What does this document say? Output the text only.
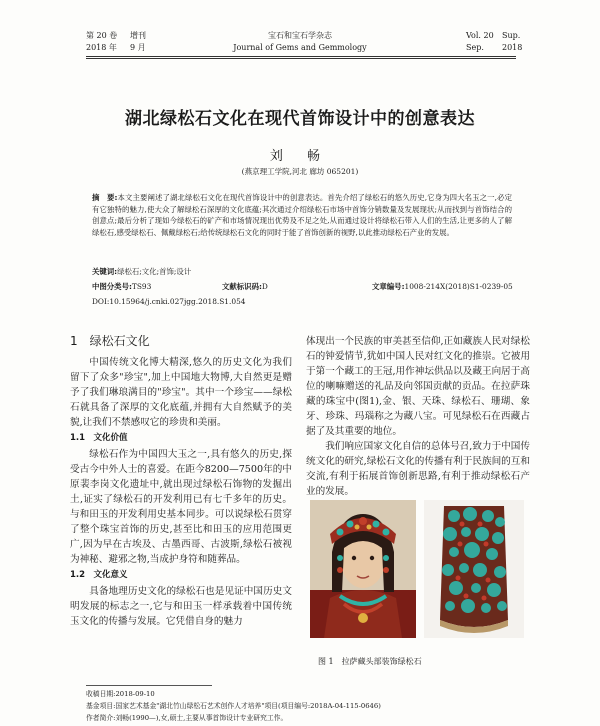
第 20 卷 增刊
2018 年 9 月
宝石和宝石学杂志
Journal of Gems and Gemmology
Vol. 20 Sup.
Sep. 2018
湖北绿松石文化在现代首饰设计中的创意表达
刘 畅
(燕京理工学院,河北 廊坊 065201)
摘　要:本文主要阐述了湖北绿松石文化在现代首饰设计中的创意表达。首先介绍了绿松石的悠久历史,它身为四大名玉之一,必定有它独特的魅力,使大众了解绿松石深厚的文化底蕴;其次通过介绍绿松石市场中首饰分销数量及发展现状;从而找到与首饰结合的创意点;最后分析了现如今绿松石的矿产和市场情况现出优势及不足之处,从而通过设计将绿松石带入人们的生活,让更多的人了解绿松石,感受绿松石、佩戴绿松石;给传统绿松石文化的同时于能了首饰创新的视野,以此推动绿松石产业的发展。
关键词:绿松石;文化;首饰;设计
中图分类号:TS93	文献标识码:D	文章编号:1008-214X(2018)S1-0239-05
DOI:10.15964/j.cnki.027jgg.2018.S1.054
1　 绿松石文化

中国传统文化博大精深,悠久的历史文化为我们留下了众多"珍宝",加上中国地大物博,大自然更是赠予了我们琳琅满目的"珍宝"。其中一个珍宝——绿松石就具备了深厚的文化底蕴,并拥有大自然赋予的美貌,让我们不禁感叹它的珍贵和美丽。

1.1　文化价值

绿松石作为中国四大玉之一,具有悠久的历史,探受古今中外人士的喜爱。在距今8200—7500年的中原裴李岗文化遗址中,就出现过绿松石饰物的发掘出土,证实了绿松石的开发利用已有七千多年的历史。与和田玉的开发利用史基本同步。可以说绿松石贯穿了整个珠宝首饰的历史,甚至比和田玉的应用范围更广,因为早在古埃及、古墨西哥、古波斯,绿松石被视为神秘、避邪之物,当成护身符和随葬品。

1.2　文化意义

具备地理历史文化的绿松石也是见证中国历史文明发展的标志之一,它与和田玉一样承载着中国传统玉文化的传播与发展。它凭借自身的魅力

体现出一个民族的审美甚至信仰,正如藏族人民对绿松石的钟爱情节,犹如中国人民对红文化的推崇。它被用于第一个藏工的王冠,用作神坛供品以及藏王向居于高位的喇嘛赠送的礼品及向邻国贡献的贡品。在拉萨珠藏的珠宝中(图1),金、银、天珠、绿松石、珊瑚、象牙、珍珠、玛瑙称之为藏八宝。可见绿松石在西藏占据了及其重要的地位。

我们响应国家文化自信的总体号召,致力于中国传统文化的研究,绿松石文化的传播有利于民族间的互和交流,有利于拓展首饰创新思路,有利于推动绿松石产业的发展。

图 1　拉萨藏头部装饰绿松石
收稿日期:2018-09-10
基金项目:国家艺术基金"湖北竹山绿松石艺术创作人才培养"项目(项目编号:2018A-04-115-0646)
作者简介:刘畅(1990—),女,硕士,主要从事首饰设计专业研究工作。
